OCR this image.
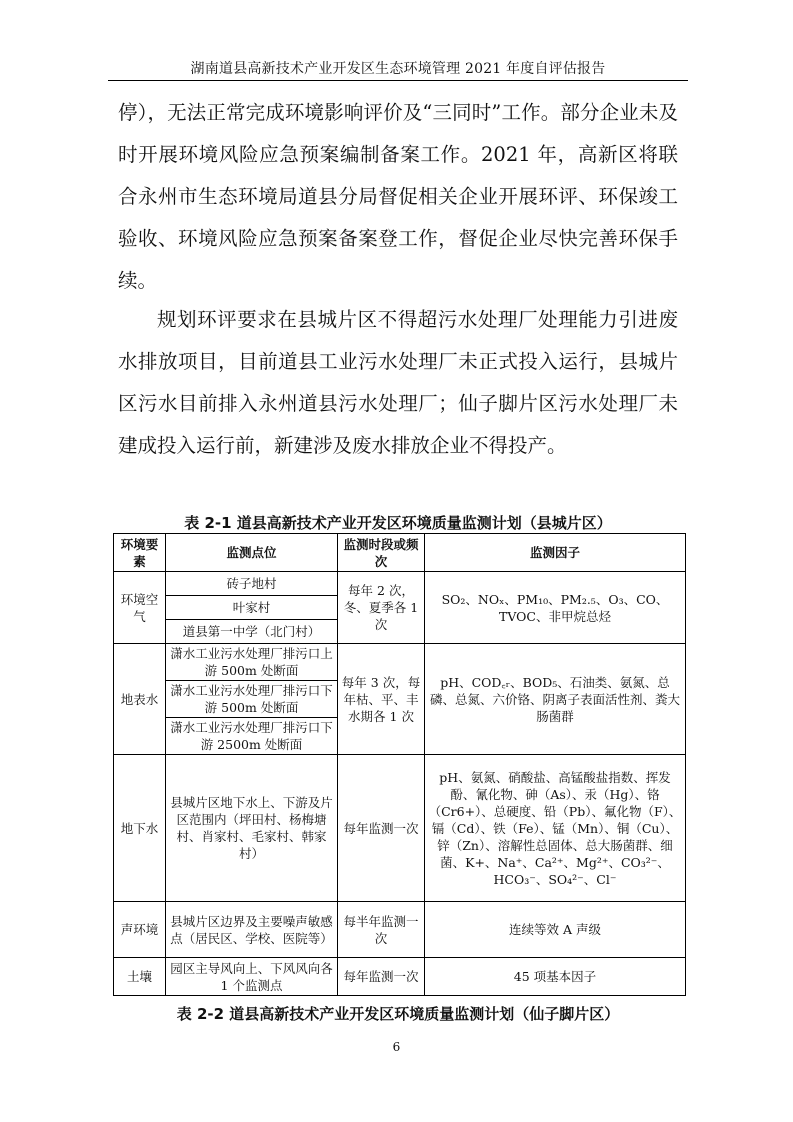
湖南道县高新技术产业开发区生态环境管理 2021 年度自评估报告
停），无法正常完成环境影响评价及“三同时”工作。部分企业未及时开展环境风险应急预案编制备案工作。2021 年，高新区将联合永州市生态环境局道县分局督促相关企业开展环评、环保竣工验收、环境风险应急预案备案登工作，督促企业尽快完善环保手续。
规划环评要求在县城片区不得超污水处理厂处理能力引进废水排放项目，目前道县工业污水处理厂未正式投入运行，县城片区污水目前排入永州道县污水处理厂；仙子脚片区污水处理厂未建成投入运行前，新建涉及废水排放企业不得投产。
表 2-1 道县高新技术产业开发区环境质量监测计划（县城片区）
环境要素	监测点位	监测时段或频次	监测因子
环境空气	砖子地村	每年 2 次，冬、夏季各 1 次	SO₂、NOₓ、PM₁₀、PM₂.₅、O₃、CO、TVOC、非甲烷总烃
	叶家村		
	道县第一中学（北门村）		
地表水	潇水工业污水处理厂排污口上游 500m 处断面	每年 3 次，每年枯、平、丰水期各 1 次	pH、COD꜀ᵣ、BOD₅、石油类、氨氮、总磷、总氮、六价铬、阴离子表面活性剂、粪大肠菌群
	潇水工业污水处理厂排污口下游 500m 处断面		
	潇水工业污水处理厂排污口下游 2500m 处断面		
地下水	县城片区地下水上、下游及片区范围内（坪田村、杨梅塘村、肖家村、毛家村、韩家村）	每年监测一次	pH、氨氮、硝酸盐、高锰酸盐指数、挥发酚、氰化物、砷（As）、汞（Hg）、铬（Cr6+）、总硬度、铅（Pb）、氟化物（F）、镉（Cd）、铁（Fe）、锰（Mn）、铜（Cu）、锌（Zn）、溶解性总固体、总大肠菌群、细菌、K+、Na⁺、Ca²⁺、Mg²⁺、CO₃²⁻、HCO₃⁻、SO₄²⁻、Cl⁻
声环境	县城片区边界及主要噪声敏感点（居民区、学校、医院等）	每半年监测一次	连续等效 A 声级
土壤	园区主导风向上、下风风向各 1 个监测点	每年监测一次	45 项基本因子
表 2-2 道县高新技术产业开发区环境质量监测计划（仙子脚片区）
6
